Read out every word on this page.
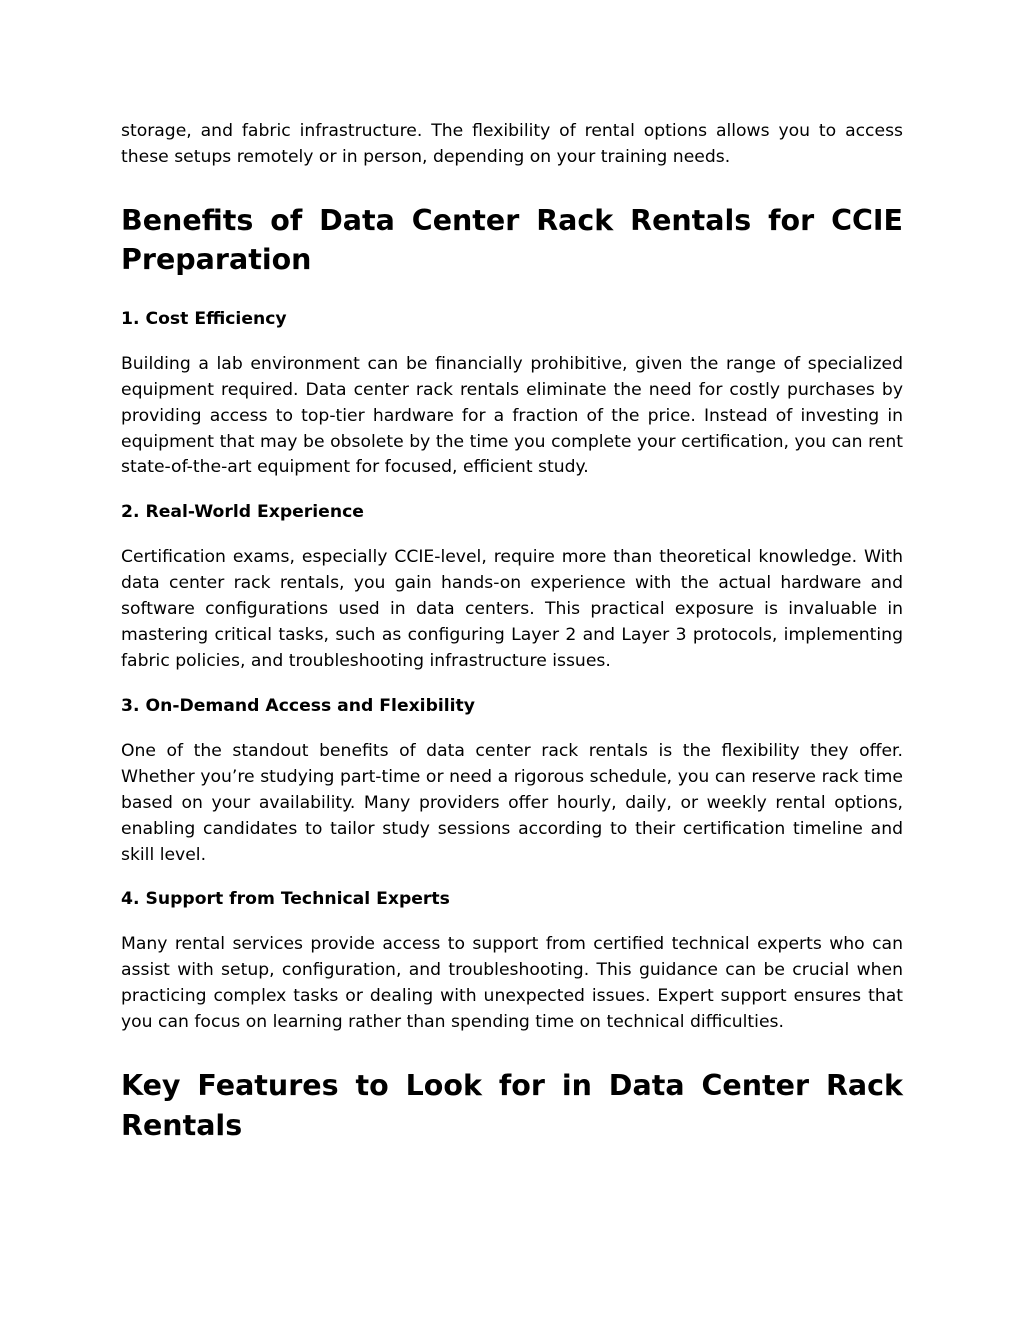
storage, and fabric infrastructure. The flexibility of rental options allows you to access these setups remotely or in person, depending on your training needs.

Benefits of Data Center Rack Rentals for CCIE Preparation
1. Cost Efficiency

Building a lab environment can be financially prohibitive, given the range of specialized equipment required. Data center rack rentals eliminate the need for costly purchases by providing access to top-tier hardware for a fraction of the price. Instead of investing in equipment that may be obsolete by the time you complete your certification, you can rent state-of-the-art equipment for focused, efficient study.

2. Real-World Experience

Certification exams, especially CCIE-level, require more than theoretical knowledge. With data center rack rentals, you gain hands-on experience with the actual hardware and software configurations used in data centers. This practical exposure is invaluable in mastering critical tasks, such as configuring Layer 2 and Layer 3 protocols, implementing fabric policies, and troubleshooting infrastructure issues.

3. On-Demand Access and Flexibility

One of the standout benefits of data center rack rentals is the flexibility they offer. Whether you’re studying part-time or need a rigorous schedule, you can reserve rack time based on your availability. Many providers offer hourly, daily, or weekly rental options, enabling candidates to tailor study sessions according to their certification timeline and skill level.

4. Support from Technical Experts

Many rental services provide access to support from certified technical experts who can assist with setup, configuration, and troubleshooting. This guidance can be crucial when practicing complex tasks or dealing with unexpected issues. Expert support ensures that you can focus on learning rather than spending time on technical difficulties.

Key Features to Look for in Data Center Rack Rentals
